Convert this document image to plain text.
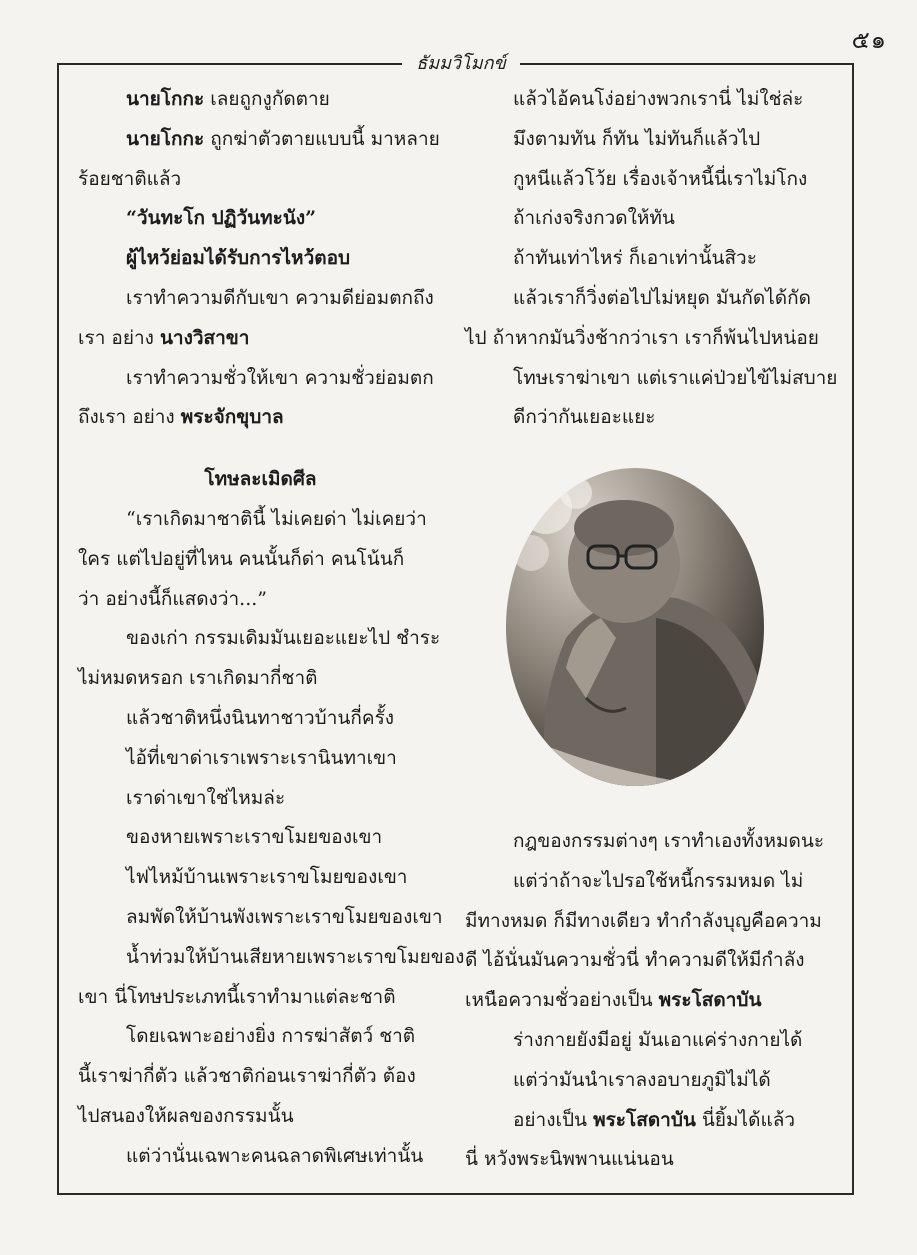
๕๑
ธัมมวิโมกข์
นายโกกะ เลยถูกงูกัดตาย
นายโกกะ ถูกฆ่าตัวตายแบบนี้ มาหลาย
ร้อยชาติแล้ว
“วันทะโก ปฏิวันทะนัง”
ผู้ไหว้ย่อมได้รับการไหว้ตอบ
เราทำความดีกับเขา ความดีย่อมตกถึง
เรา อย่าง นางวิสาขา
เราทำความชั่วให้เขา ความชั่วย่อมตก
ถึงเรา อย่าง พระจักขุบาล
โทษละเมิดศีล
“เราเกิดมาชาตินี้ ไม่เคยด่า ไม่เคยว่า
ใคร แต่ไปอยู่ที่ไหน คนนั้นก็ด่า คนโน้นก็
ว่า อย่างนี้ก็แสดงว่า...”
ของเก่า กรรมเดิมมันเยอะแยะไป ชำระ
ไม่หมดหรอก เราเกิดมากี่ชาติ
แล้วชาติหนึ่งนินทาชาวบ้านกี่ครั้ง
ไอ้ที่เขาด่าเราเพราะเรานินทาเขา
เราด่าเขาใช่ไหมล่ะ
ของหายเพราะเราขโมยของเขา
ไฟไหม้บ้านเพราะเราขโมยของเขา
ลมพัดให้บ้านพังเพราะเราขโมยของเขา
น้ำท่วมให้บ้านเสียหายเพราะเราขโมยของ
เขา นี่โทษประเภทนี้เราทำมาแต่ละชาติ
โดยเฉพาะอย่างยิ่ง การฆ่าสัตว์ ชาติ
นี้เราฆ่ากี่ตัว แล้วชาติก่อนเราฆ่ากี่ตัว ต้อง
ไปสนองให้ผลของกรรมนั้น
แต่ว่านั่นเฉพาะคนฉลาดพิเศษเท่านั้น
แล้วไอ้คนโง่อย่างพวกเรานี่ ไม่ใช่ล่ะ
มึงตามทัน ก็ทัน ไม่ทันก็แล้วไป
กูหนีแล้วโว้ย เรื่องเจ้าหนี้นี่เราไม่โกง
ถ้าเก่งจริงกวดให้ทัน
ถ้าทันเท่าไหร่ ก็เอาเท่านั้นสิวะ
แล้วเราก็วิ่งต่อไปไม่หยุด มันกัดได้กัด
ไป ถ้าหากมันวิ่งช้ากว่าเรา เราก็พ้นไปหน่อย
โทษเราฆ่าเขา แต่เราแค่ป่วยไข้ไม่สบาย
ดีกว่ากันเยอะแยะ
กฎของกรรมต่างๆ เราทำเองทั้งหมดนะ
แต่ว่าถ้าจะไปรอใช้หนี้กรรมหมด ไม่
มีทางหมด ก็มีทางเดียว ทำกำลังบุญคือความ
ดี ไอ้นั่นมันความชั่วนี่ ทำความดีให้มีกำลัง
เหนือความชั่วอย่างเป็น พระโสดาบัน
ร่างกายยังมีอยู่ มันเอาแค่ร่างกายได้
แต่ว่ามันนำเราลงอบายภูมิไม่ได้
อย่างเป็น พระโสดาบัน นี่ยิ้มได้แล้ว
นี่ หวังพระนิพพานแน่นอน
